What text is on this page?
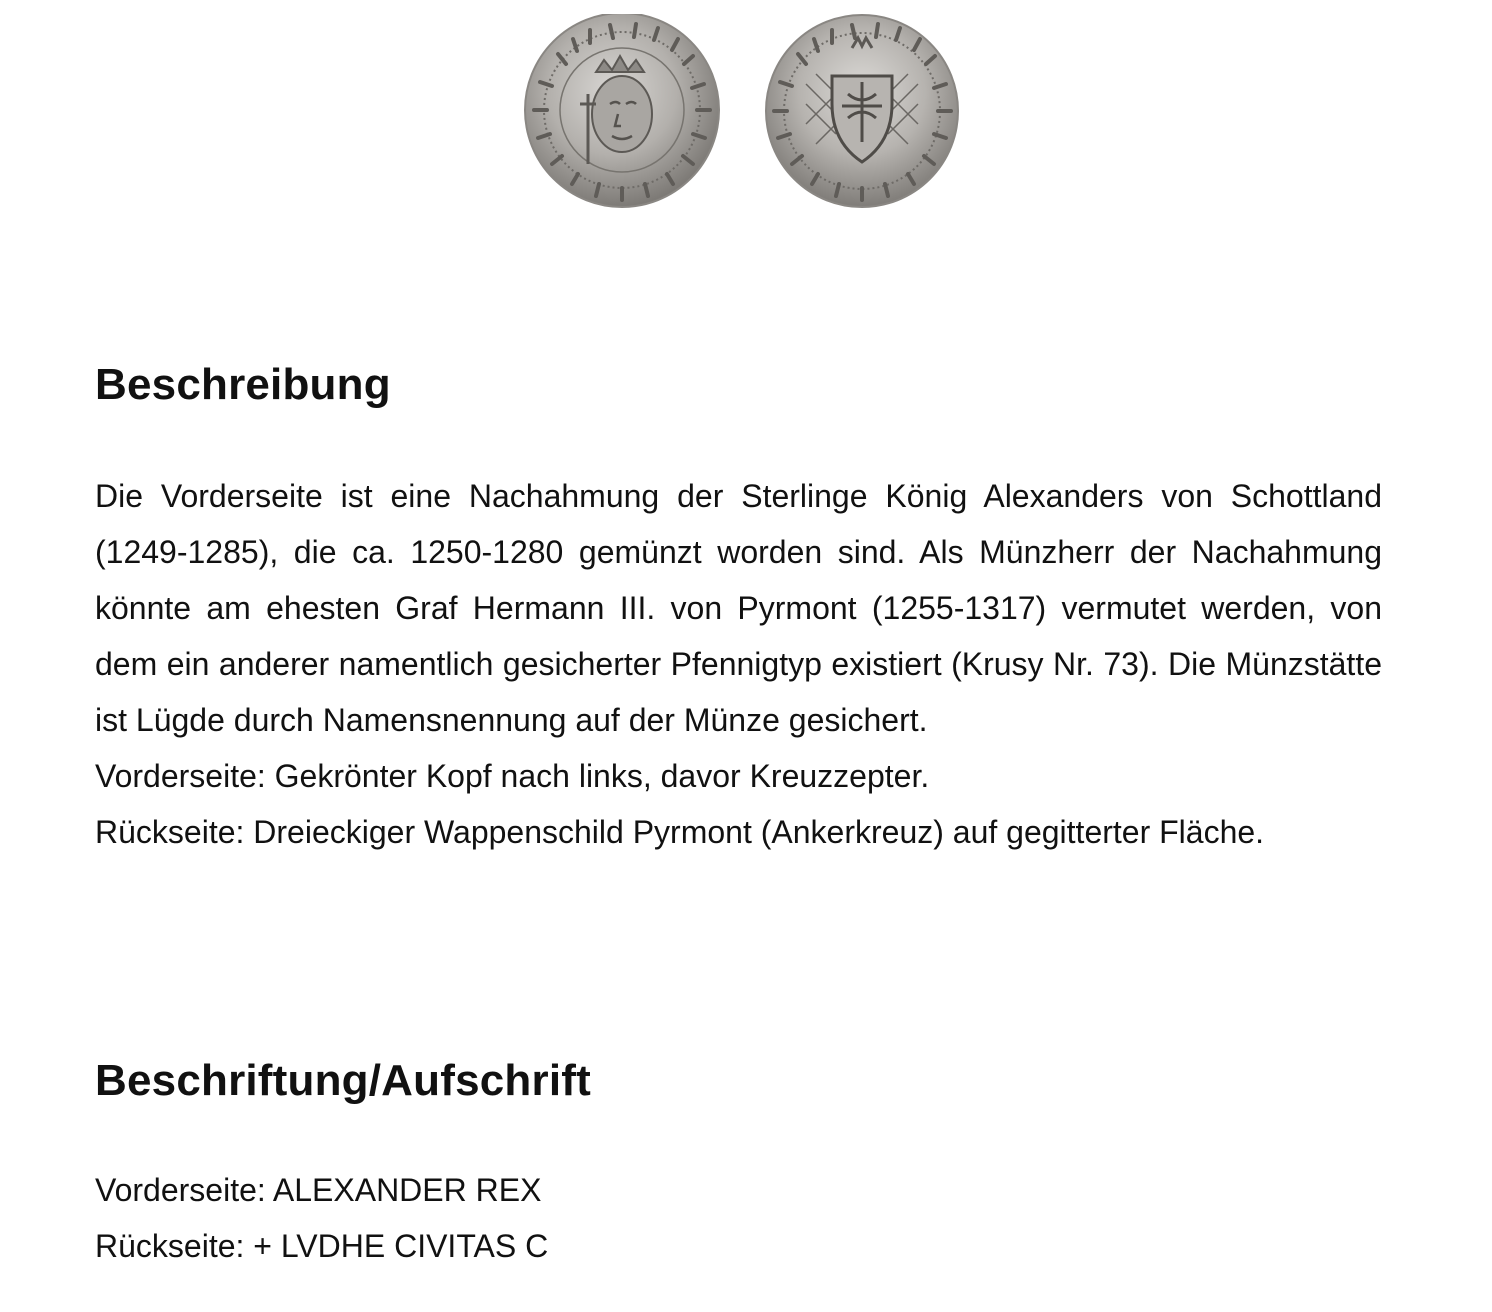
Beschreibung

Die Vorderseite ist eine Nachahmung der Sterlinge König Alexanders von Schottland (1249-1285), die ca. 1250-1280 gemünzt worden sind. Als Münzherr der Nachahmung könnte am ehesten Graf Hermann III. von Pyrmont (1255-1317) vermutet werden, von dem ein anderer namentlich gesicherter Pfennigtyp existiert (Krusy Nr. 73). Die Münzstätte ist Lügde durch Namensnennung auf der Münze gesichert.

Vorderseite: Gekrönter Kopf nach links, davor Kreuzzepter.

Rückseite: Dreieckiger Wappenschild Pyrmont (Ankerkreuz) auf gegitterter Fläche.

Beschriftung/Aufschrift

Vorderseite: ALEXANDER REX

Rückseite: + LVDHE CIVITAS C
